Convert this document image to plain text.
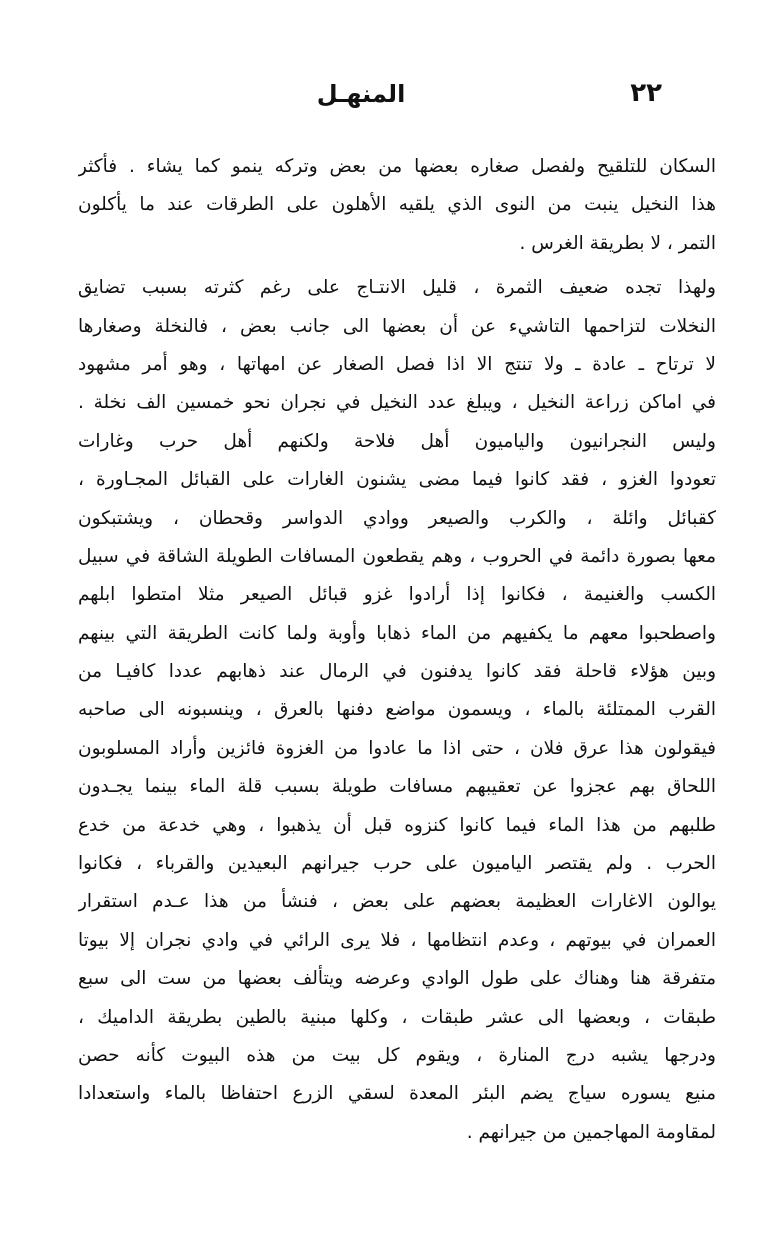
٢٢
المنهـل
السكان للتلقيح ولفصل صغاره بعضها من بعض وتركه ينمو كما يشاء . فأكثر
هذا النخيل ينبت من النوى الذي يلقيه الأهلون على الطرقات عند ما يأكلون
التمر ، لا بطريقة الغرس .
ولهذا تجده ضعيف الثمرة ، قليل الانتـاج على رغم كثرته بسبب تضايق
النخلات لتزاحمها التاشيء عن أن بعضها الى جانب بعض ، فالنخلة وصغارها
لا ترتاح ـ عادة ـ ولا تنتج الا اذا فصل الصغار عن امهاتها ، وهو أمر مشهود
في اماكن زراعة النخيل ، ويبلغ عدد النخيل في نجران نحو خمسين الف نخلة .
وليس النجرانيون والياميون أهل فلاحة ولكنهم أهل حرب وغارات
تعودوا الغزو ، فقد كانوا فيما مضى يشنون الغارات على القبائل المجـاورة ،
كقبائل وائلة ، والكرب والصيعر ووادي الدواسر وقحطان ، ويشتبكون
معها بصورة دائمة في الحروب ، وهم يقطعون المسافات الطويلة الشاقة في سبيل
الكسب والغنيمة ، فكانوا إذا أرادوا غزو قبائل الصيعر مثلا امتطوا ابلهم
واصطحبوا معهم ما يكفيهم من الماء ذهابا وأوبة ولما كانت الطريقة التي بينهم
وبين هؤلاء قاحلة فقد كانوا يدفنون في الرمال عند ذهابهم عددا كافيـا من
القرب الممتلئة بالماء ، ويسمون مواضع دفنها بالعرق ، وينسبونه الى صاحبه
فيقولون هذا عرق فلان ، حتى اذا ما عادوا من الغزوة فائزين وأراد المسلوبون
اللحاق بهم عجزوا عن تعقيبهم مسافات طويلة بسبب قلة الماء بينما يجـدون
طلبهم من هذا الماء فيما كانوا كنزوه قبل أن يذهبوا ، وهي خدعة من خدع
الحرب . ولم يقتصر الياميون على حرب جيرانهم البعيدين والقرباء ، فكانوا
يوالون الاغارات العظيمة بعضهم على بعض ، فنشأ من هذا عـدم استقرار
العمران في بيوتهم ، وعدم انتظامها ، فلا يرى الرائي في وادي نجران إلا بيوتا
متفرقة هنا وهناك على طول الوادي وعرضه ويتألف بعضها من ست الى سبع
طبقات ، وبعضها الى عشر طبقات ، وكلها مبنية بالطين بطريقة الداميك ،
ودرجها يشبه درج المنارة ، ويقوم كل بيت من هذه البيوت كأنه حصن
منيع يسوره سياج يضم البئر المعدة لسقي الزرع احتفاظا بالماء واستعدادا
لمقاومة المهاجمين من جيرانهم .
